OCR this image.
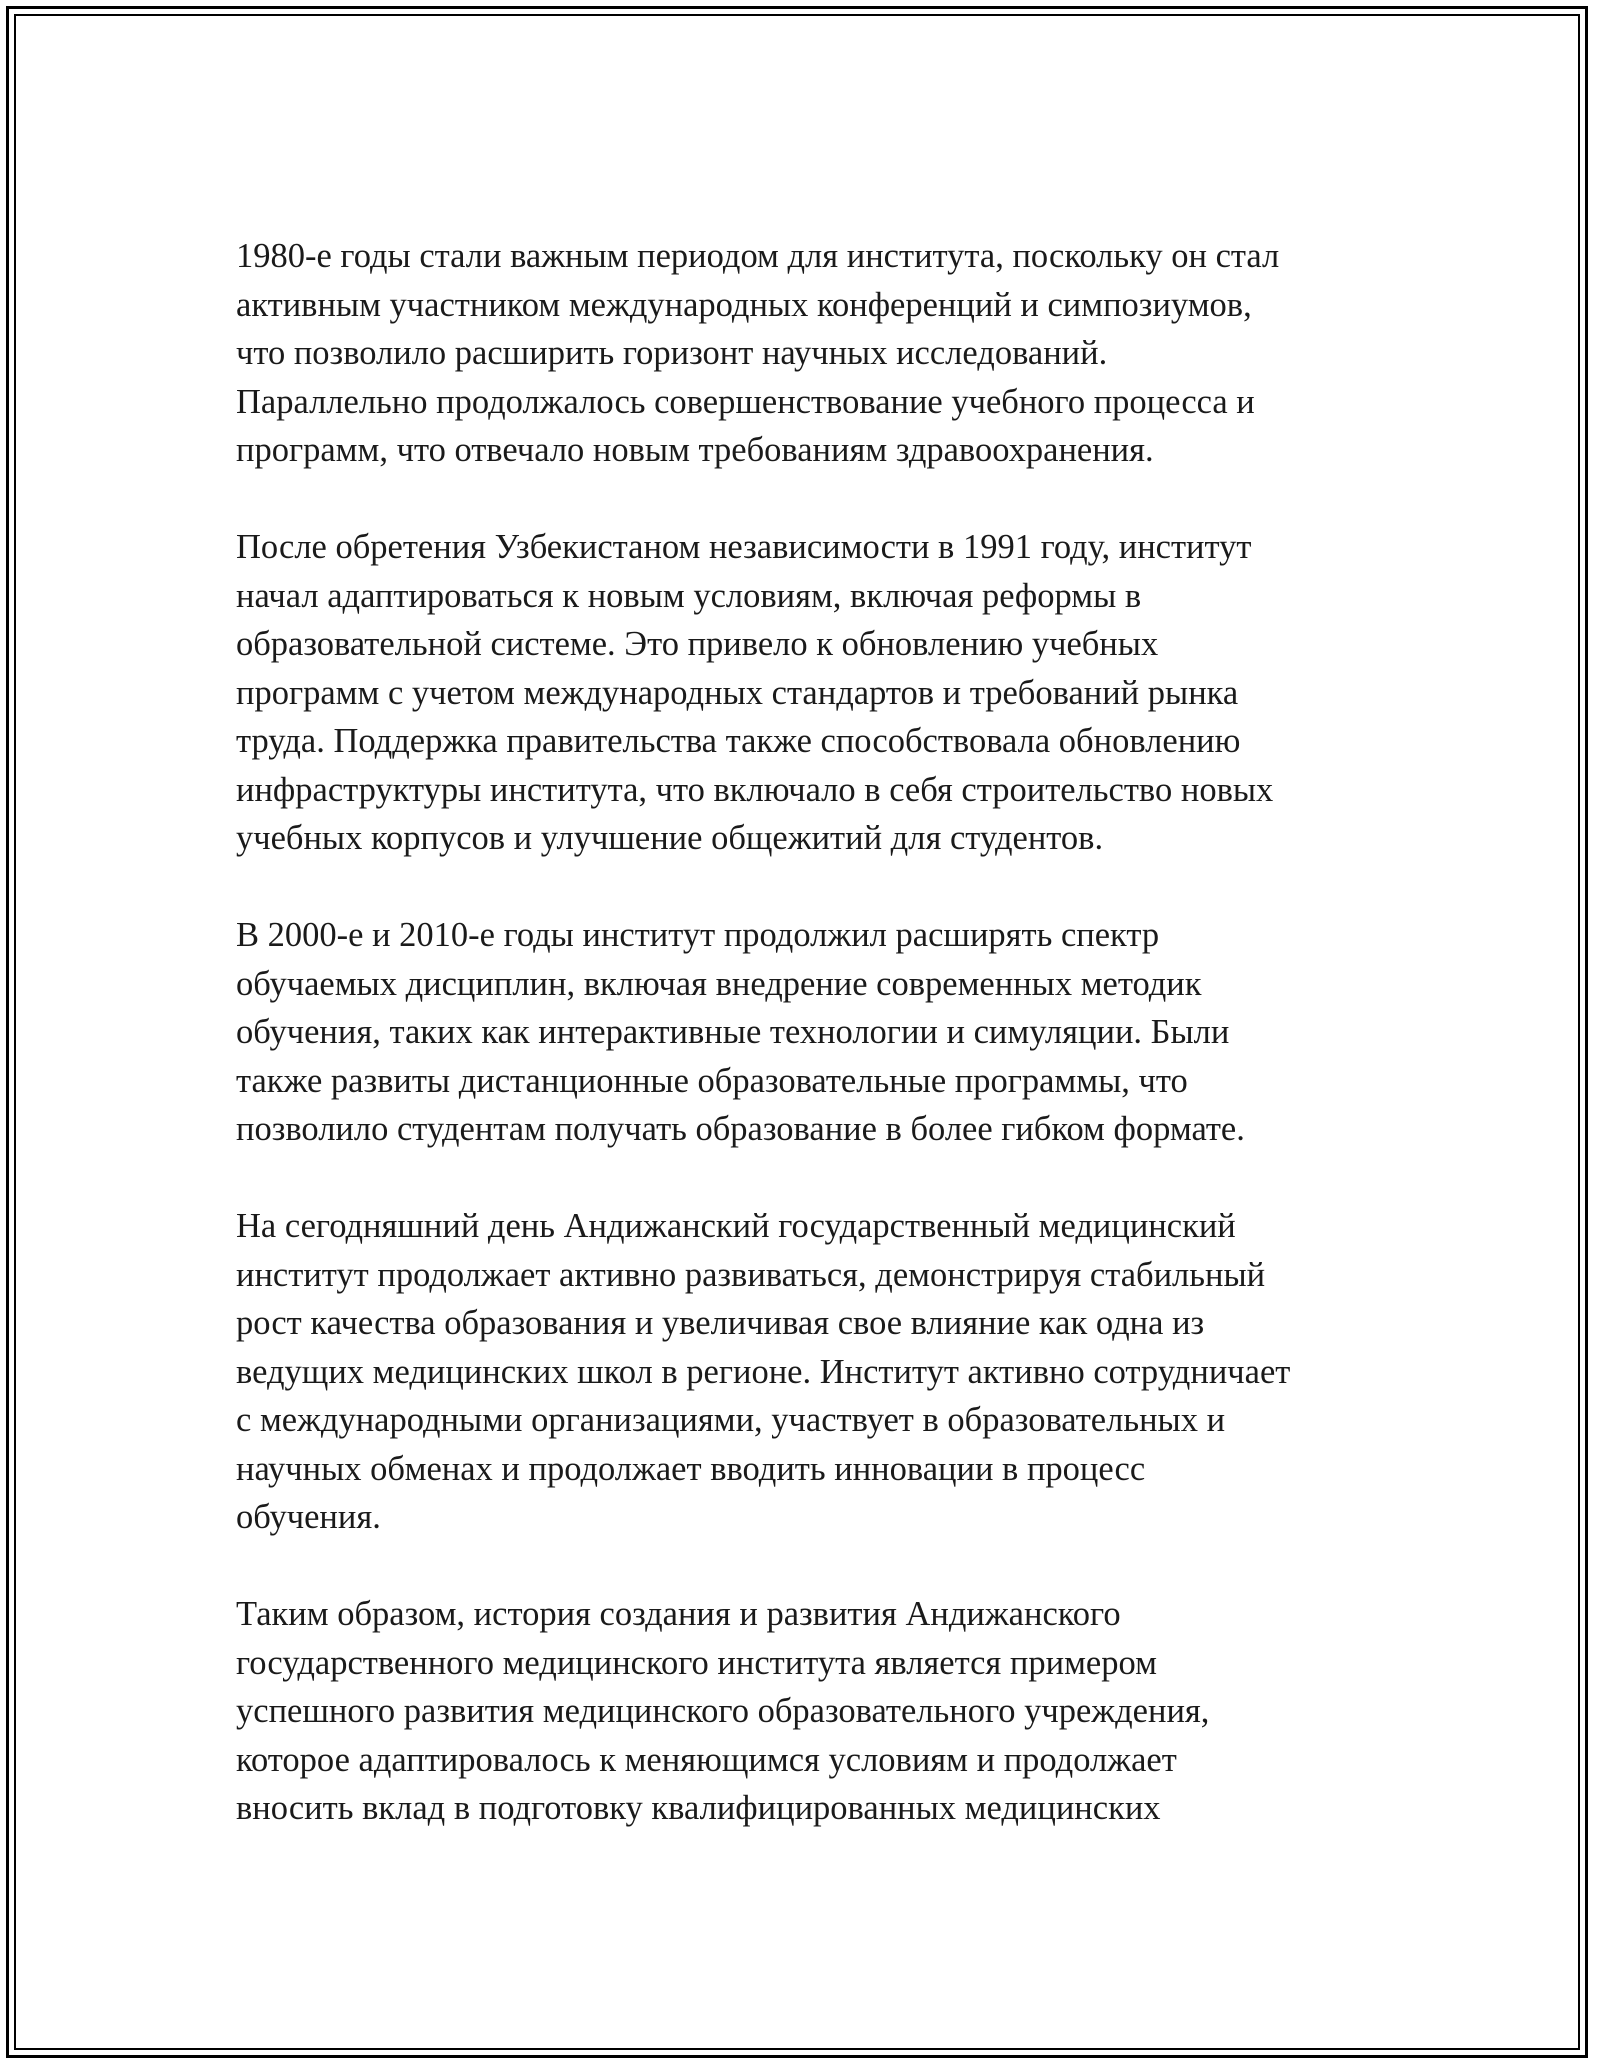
1980-е годы стали важным периодом для института, поскольку он стал
активным участником международных конференций и симпозиумов,
что позволило расширить горизонт научных исследований.
Параллельно продолжалось совершенствование учебного процесса и
программ, что отвечало новым требованиям здравоохранения.
После обретения Узбекистаном независимости в 1991 году, институт
начал адаптироваться к новым условиям, включая реформы в
образовательной системе. Это привело к обновлению учебных
программ с учетом международных стандартов и требований рынка
труда. Поддержка правительства также способствовала обновлению
инфраструктуры института, что включало в себя строительство новых
учебных корпусов и улучшение общежитий для студентов.
В 2000-е и 2010-е годы институт продолжил расширять спектр
обучаемых дисциплин, включая внедрение современных методик
обучения, таких как интерактивные технологии и симуляции. Были
также развиты дистанционные образовательные программы, что
позволило студентам получать образование в более гибком формате.
На сегодняшний день Андижанский государственный медицинский
институт продолжает активно развиваться, демонстрируя стабильный
рост качества образования и увеличивая свое влияние как одна из
ведущих медицинских школ в регионе. Институт активно сотрудничает
с международными организациями, участвует в образовательных и
научных обменах и продолжает вводить инновации в процесс
обучения.
Таким образом, история создания и развития Андижанского
государственного медицинского института является примером
успешного развития медицинского образовательного учреждения,
которое адаптировалось к меняющимся условиям и продолжает
вносить вклад в подготовку квалифицированных медицинских
